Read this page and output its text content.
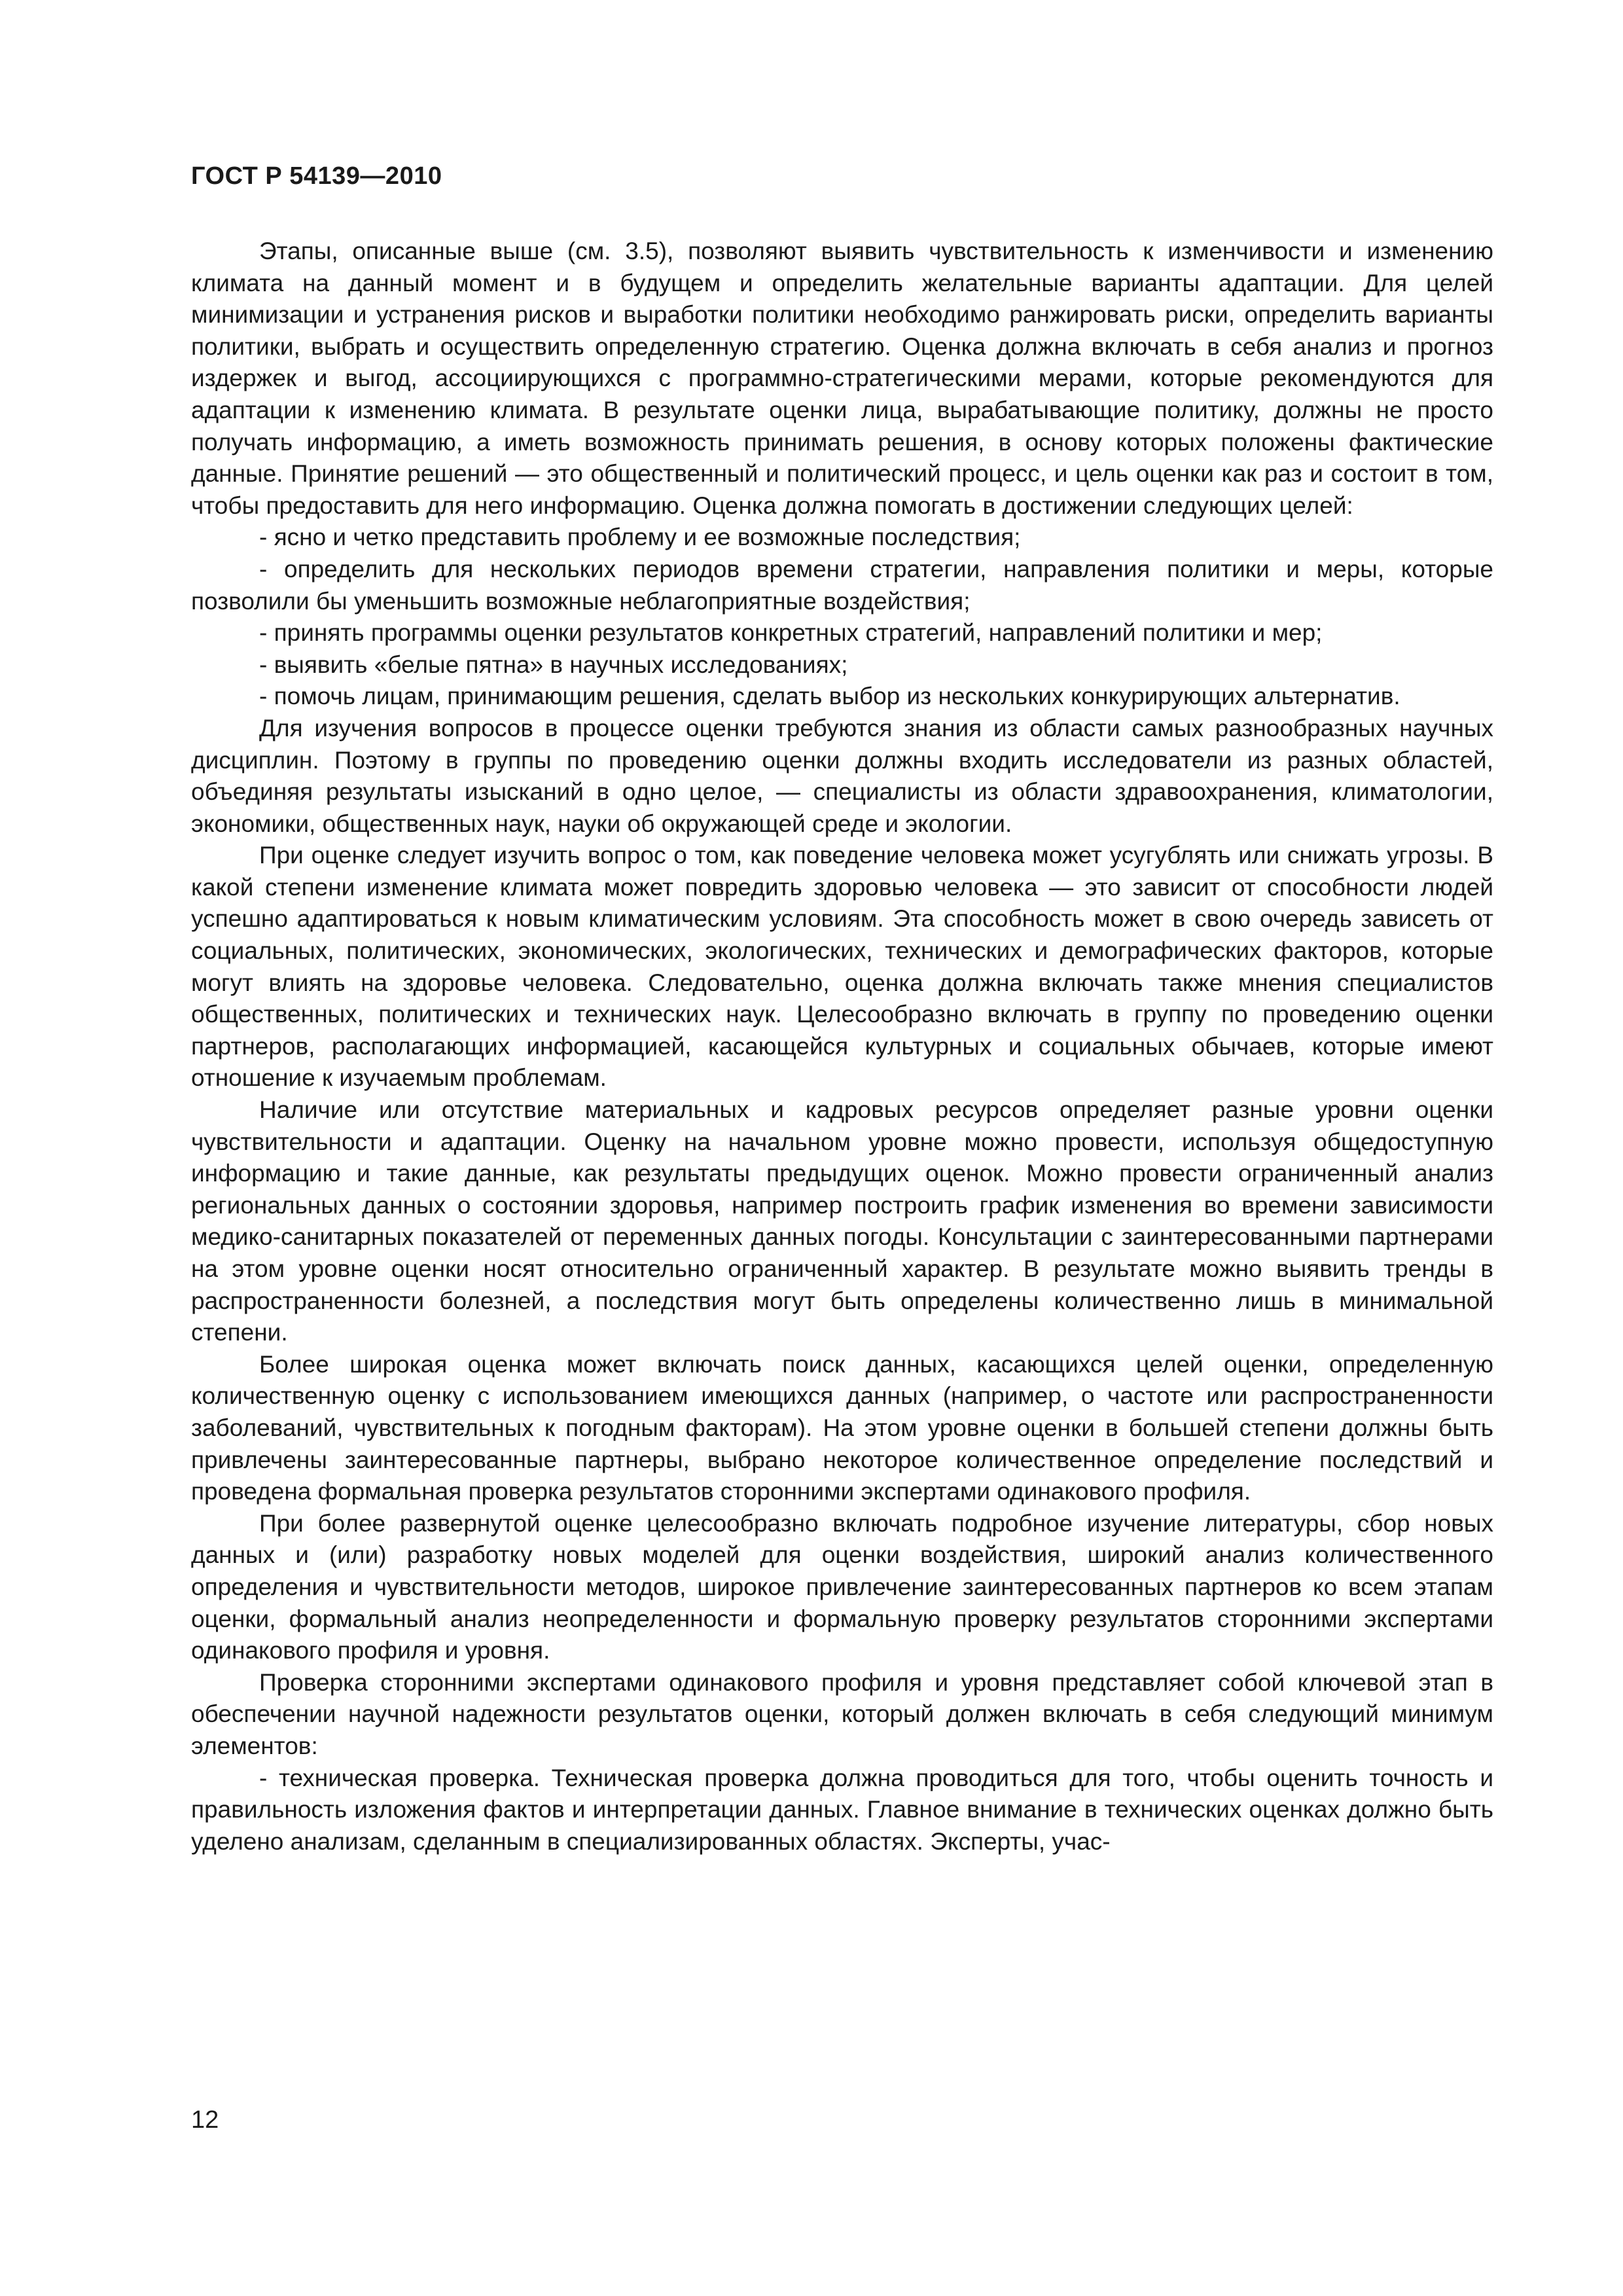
ГОСТ Р 54139—2010

Этапы, описанные выше (см. 3.5), позволяют выявить чувствительность к изменчивости и изменению климата на данный момент и в будущем и определить желательные варианты адаптации. Для целей минимизации и устранения рисков и выработки политики необходимо ранжировать риски, определить варианты политики, выбрать и осуществить определенную стратегию. Оценка должна включать в себя анализ и прогноз издержек и выгод, ассоциирующихся с программно-стратегическими мерами, которые рекомендуются для адаптации к изменению климата. В результате оценки лица, вырабатывающие политику, должны не просто получать информацию, а иметь возможность принимать решения, в основу которых положены фактические данные. Принятие решений — это общественный и политический процесс, и цель оценки как раз и состоит в том, чтобы предоставить для него информацию. Оценка должна помогать в достижении следующих целей:

- ясно и четко представить проблему и ее возможные последствия;

- определить для нескольких периодов времени стратегии, направления политики и меры, которые позволили бы уменьшить возможные неблагоприятные воздействия;

- принять программы оценки результатов конкретных стратегий, направлений политики и мер;

- выявить «белые пятна» в научных исследованиях;

- помочь лицам, принимающим решения, сделать выбор из нескольких конкурирующих альтернатив.

Для изучения вопросов в процессе оценки требуются знания из области самых разнообразных научных дисциплин. Поэтому в группы по проведению оценки должны входить исследователи из разных областей, объединяя результаты изысканий в одно целое, — специалисты из области здравоохранения, климатологии, экономики, общественных наук, науки об окружающей среде и экологии.

При оценке следует изучить вопрос о том, как поведение человека может усугублять или снижать угрозы. В какой степени изменение климата может повредить здоровью человека — это зависит от способности людей успешно адаптироваться к новым климатическим условиям. Эта способность может в свою очередь зависеть от социальных, политических, экономических, экологических, технических и демографических факторов, которые могут влиять на здоровье человека. Следовательно, оценка должна включать также мнения специалистов общественных, политических и технических наук. Целесообразно включать в группу по проведению оценки партнеров, располагающих информацией, касающейся культурных и социальных обычаев, которые имеют отношение к изучаемым проблемам.

Наличие или отсутствие материальных и кадровых ресурсов определяет разные уровни оценки чувствительности и адаптации. Оценку на начальном уровне можно провести, используя общедоступную информацию и такие данные, как результаты предыдущих оценок. Можно провести ограниченный анализ региональных данных о состоянии здоровья, например построить график изменения во времени зависимости медико-санитарных показателей от переменных данных погоды. Консультации с заинтересованными партнерами на этом уровне оценки носят относительно ограниченный характер. В результате можно выявить тренды в распространенности болезней, а последствия могут быть определены количественно лишь в минимальной степени.

Более широкая оценка может включать поиск данных, касающихся целей оценки, определенную количественную оценку с использованием имеющихся данных (например, о частоте или распространенности заболеваний, чувствительных к погодным факторам). На этом уровне оценки в большей степени должны быть привлечены заинтересованные партнеры, выбрано некоторое количественное определение последствий и проведена формальная проверка результатов сторонними экспертами одинакового профиля.

При более развернутой оценке целесообразно включать подробное изучение литературы, сбор новых данных и (или) разработку новых моделей для оценки воздействия, широкий анализ количественного определения и чувствительности методов, широкое привлечение заинтересованных партнеров ко всем этапам оценки, формальный анализ неопределенности и формальную проверку результатов сторонними экспертами одинакового профиля и уровня.

Проверка сторонними экспертами одинакового профиля и уровня представляет собой ключевой этап в обеспечении научной надежности результатов оценки, который должен включать в себя следующий минимум элементов:

- техническая проверка. Техническая проверка должна проводиться для того, чтобы оценить точность и правильность изложения фактов и интерпретации данных. Главное внимание в технических оценках должно быть уделено анализам, сделанным в специализированных областях. Эксперты, учас-

12
